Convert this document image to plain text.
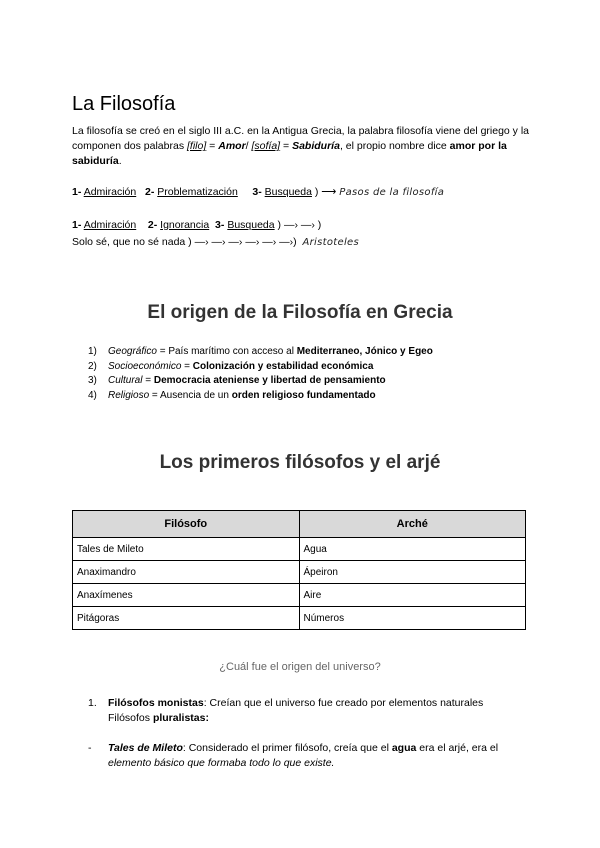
La Filosofía
La filosofía se creó en el siglo III a.C. en la Antigua Grecia, la palabra filosofía viene del griego y la componen dos palabras [filo] = Amor/ [sofía] = Sabiduría, el propio nombre dice amor por la sabiduría.
1- Admiración 2- Problematización 3- Busqueda ) ⟶ Pasos de la filosofía
1- Admiración 2- Ignorancia 3- Busqueda ) —› —› )
Solo sé, que no sé nada ) —› —› —› —› —› —›) Aristoteles
El origen de la Filosofía en Grecia
1) Geográfico = País marítimo con acceso al Mediterraneo, Jónico y Egeo
2) Socioeconómico = Colonización y estabilidad económica
3) Cultural = Democracia ateniense y libertad de pensamiento
4) Religioso = Ausencia de un orden religioso fundamentado
Los primeros filósofos y el arjé
Filósofo	Arché
Tales de Mileto	Agua
Anaximandro	Ápeiron
Anaxímenes	Aire
Pitágoras	Números
¿Cuál fue el origen del universo?
1. Filósofos monistas: Creían que el universo fue creado por elementos naturales
Filósofos pluralistas:
- Tales de Mileto: Considerado el primer filósofo, creía que el agua era el arjé, era el
elemento básico que formaba todo lo que existe.
